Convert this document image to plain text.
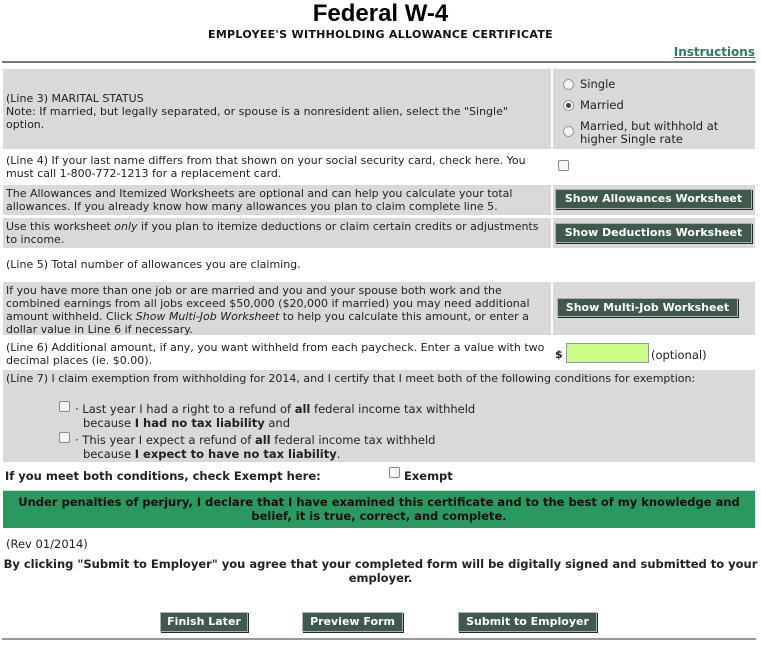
Federal W-4
EMPLOYEE'S WITHHOLDING ALLOWANCE CERTIFICATE
Instructions
(Line 3) MARITAL STATUS
Note: If married, but legally separated, or spouse is a nonresident alien, select the "Single" option.
Single
Married
Married, but withhold at
higher Single rate
(Line 4) If your last name differs from that shown on your social security card, check here. You must call 1-800-772-1213 for a replacement card.
The Allowances and Itemized Worksheets are optional and can help you calculate your total allowances. If you already know how many allowances you plan to claim complete line 5.
Show Allowances Worksheet
Use this worksheet only if you plan to itemize deductions or claim certain credits or adjustments to income.
Show Deductions Worksheet
(Line 5) Total number of allowances you are claiming.
If you have more than one job or are married and you and your spouse both work and the combined earnings from all jobs exceed $50,000 ($20,000 if married) you may need additional amount withheld. Click Show Multi-Job Worksheet to help you calculate this amount, or enter a dollar value in Line 6 if necessary.
Show Multi-Job Worksheet
(Line 6) Additional amount, if any, you want withheld from each paycheck. Enter a value with two decimal places (ie. $0.00).	$	(optional)
(Line 7) I claim exemption from withholding for 2014, and I certify that I meet both of the following conditions for exemption:
· Last year I had a right to a refund of all federal income tax withheld
because I had no tax liability and
· This year I expect a refund of all federal income tax withheld
because I expect to have no tax liability.
If you meet both conditions, check Exempt here:	Exempt
Under penalties of perjury, I declare that I have examined this certificate and to the best of my knowledge and belief, it is true, correct, and complete.
(Rev 01/2014)
By clicking "Submit to Employer" you agree that your completed form will be digitally signed and submitted to your employer.
Finish Later	Preview Form	Submit to Employer
